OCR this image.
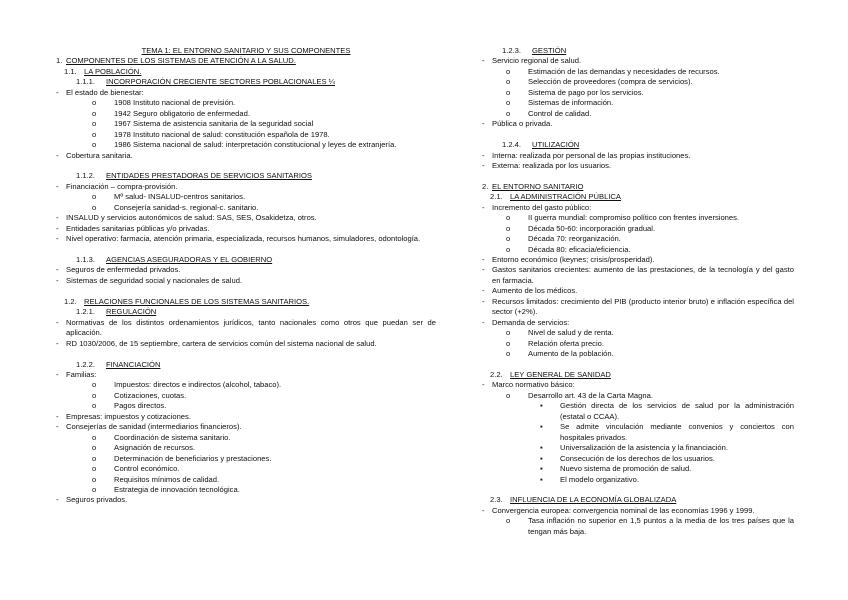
TEMA 1: EL ENTORNO SANITARIO Y SUS COMPONENTES
1. COMPONENTES DE LOS SISTEMAS DE ATENCIÓN A LA SALUD.
1.1. LA POBLACIÓN.
1.1.1. INCORPORACIÓN CRECIENTE SECTORES POBLACIONALES ¼
- El estado de bienestar:
o 1908 Instituto nacional de previsión.
o 1942 Seguro obligatorio de enfermedad.
o 1967 Sistema de asistencia sanitaria de la seguridad social
o 1978 Instituto nacional de salud: constitución española de 1978.
o 1986 Sistema nacional de salud: interpretación constitucional y leyes de extranjería.
- Cobertura sanitaria.
1.1.2. ENTIDADES PRESTADORAS DE SERVICIOS SANITARIOS
- Financiación – compra-provisión.
o Mº salud- INSALUD-centros sanitarios.
o Consejería sanidad-s. regional-c. sanitario.
- INSALUD y servicios autonómicos de salud: SAS, SES, Osakidetza, otros.
- Entidades sanitarias públicas y/o privadas.
- Nivel operativo: farmacia, atención primaria, especializada, recursos humanos, simuladores, odontología.
1.1.3. AGENCIAS ASEGURADORAS Y EL GOBIERNO
- Seguros de enfermedad privados.
- Sistemas de seguridad social y nacionales de salud.
1.2. RELACIONES FUNCIONALES DE LOS SISTEMAS SANITARIOS.
1.2.1. REGULACIÓN
- Normativas de los distintos ordenamientos jurídicos, tanto nacionales como otros que puedan ser de aplicación.
- RD 1030/2006, de 15 septiembre, cartera de servicios común del sistema nacional de salud.
1.2.2. FINANCIACIÓN
- Familias:
o Impuestos: directos e indirectos (alcohol, tabaco).
o Cotizaciones, cuotas.
o Pagos directos.
- Empresas: impuestos y cotizaciones.
- Consejerías de sanidad (intermediarios financieros).
o Coordinación de sistema sanitario.
o Asignación de recursos.
o Determinación de beneficiarios y prestaciones.
o Control económico.
o Requisitos mínimos de calidad.
o Estrategia de innovación tecnológica.
- Seguros privados.
1.2.3. GESTIÓN
- Servicio regional de salud.
o Estimación de las demandas y necesidades de recursos.
o Selección de proveedores (compra de servicios).
o Sistema de pago por los servicios.
o Sistemas de información.
o Control de calidad.
- Pública o privada.
1.2.4. UTILIZACIÓN
- Interna: realizada por personal de las propias instituciones.
- Externa: realizada por los usuarios.
2. EL ENTORNO SANITARIO
2.1. LA ADMINISTRACIÓN PÚBLICA
- Incremento del gasto público:
o II guerra mundial: compromiso político con frentes inversiones.
o Década 50-60: incorporación gradual.
o Década 70: reorganización.
o Década 80: eficacia/eficiencia.
- Entorno económico (keynes; crisis/prosperidad).
- Gastos sanitarios crecientes: aumento de las prestaciones, de la tecnología y del gasto en farmacia.
- Aumento de los médicos.
- Recursos limitados: crecimiento del PIB (producto interior bruto) e inflación específica del sector (+2%).
- Demanda de servicios:
o Nivel de salud y de renta.
o Relación oferta precio.
o Aumento de la población.
2.2. LEY GENERAL DE SANIDAD
- Marco normativo básico:
o Desarrollo art. 43 de la Carta Magna.
▪ Gestión directa de los servicios de salud por la administración (estatal o CCAA).
▪ Se admite vinculación mediante convenios y conciertos con hospitales privados.
▪ Universalización de la asistencia y la financiación.
▪ Consecución de los derechos de los usuarios.
▪ Nuevo sistema de promoción de salud.
▪ El modelo organizativo.
2.3. INFLUENCIA DE LA ECONOMÍA GLOBALIZADA
- Convergencia europea: convergencia nominal de las economías 1996 y 1999.
o Tasa inflación no superior en 1,5 puntos a la media de los tres países que la tengan más baja.
